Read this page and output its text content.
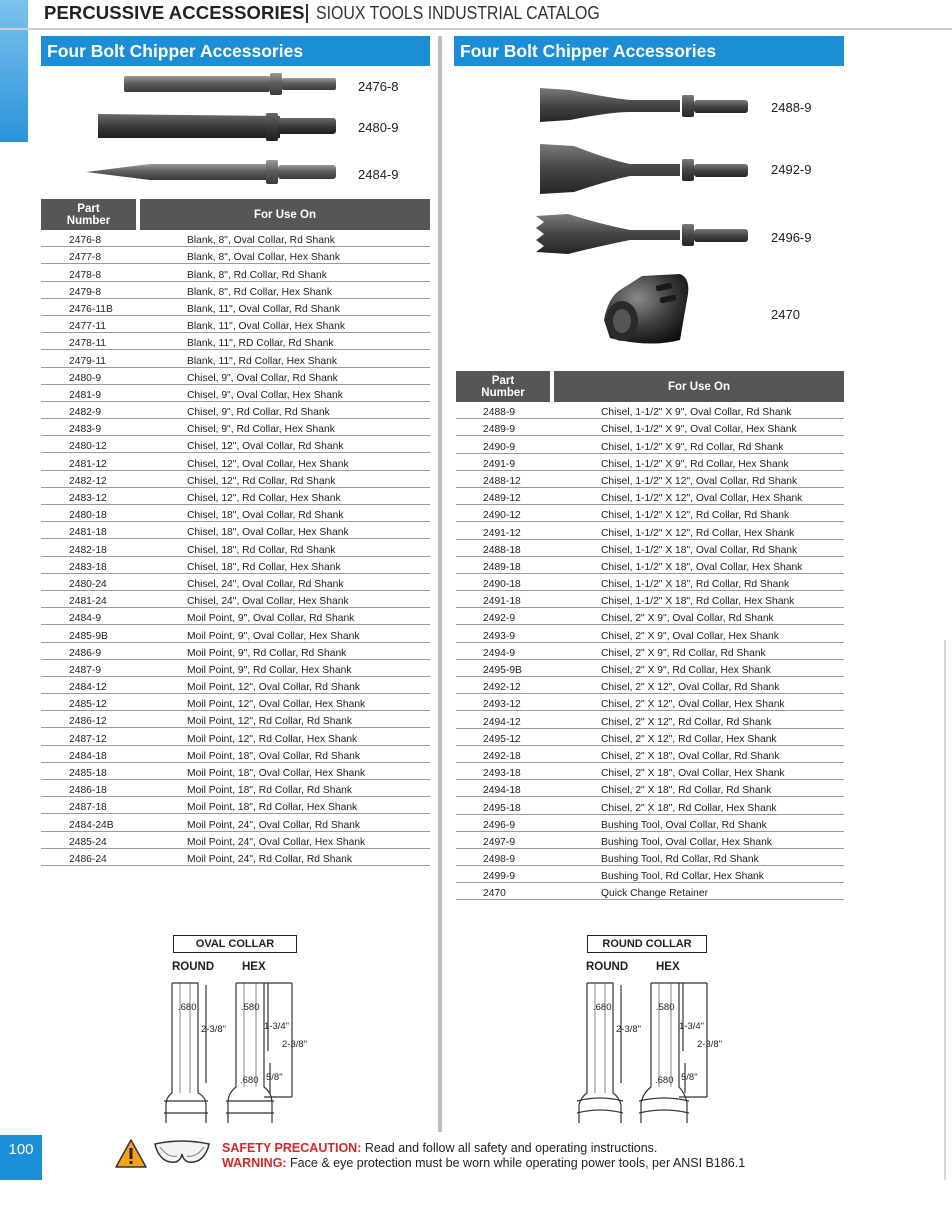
PERCUSSIVE ACCESSORIES SIOUX TOOLS INDUSTRIAL CATALOG
Four Bolt Chipper Accessories
2476-8
2480-9
2484-9
Part
Number	For Use On
2476-8	Blank, 8", Oval Collar, Rd Shank
2477-8	Blank, 8", Oval Collar, Hex Shank
2478-8	Blank, 8", Rd Collar, Rd Shank
2479-8	Blank, 8", Rd Collar, Hex Shank
2476-11B	Blank, 11", Oval Collar, Rd Shank
2477-11	Blank, 11", Oval Collar, Hex Shank
2478-11	Blank, 11", RD Collar, Rd Shank
2479-11	Blank, 11", Rd Collar, Hex Shank
2480-9	Chisel, 9", Oval Collar, Rd Shank
2481-9	Chisel, 9", Oval Collar, Hex Shank
2482-9	Chisel, 9", Rd Collar, Rd Shank
2483-9	Chisel, 9", Rd Collar, Hex Shank
2480-12	Chisel, 12", Oval Collar, Rd Shank
2481-12	Chisel, 12", Oval Collar, Hex Shank
2482-12	Chisel, 12", Rd Collar, Rd Shank
2483-12	Chisel, 12", Rd Collar, Hex Shank
2480-18	Chisel, 18", Oval Collar, Rd Shank
2481-18	Chisel, 18", Oval Collar, Hex Shank
2482-18	Chisel, 18", Rd Collar, Rd Shank
2483-18	Chisel, 18", Rd Collar, Hex Shank
2480-24	Chisel, 24", Oval Collar, Rd Shank
2481-24	Chisel, 24", Oval Collar, Hex Shank
2484-9	Moil Point, 9", Oval Collar, Rd Shank
2485-9B	Moil Point, 9", Oval Collar, Hex Shank
2486-9	Moil Point, 9", Rd Collar, Rd Shank
2487-9	Moil Point, 9", Rd Collar, Hex Shank
2484-12	Moil Point, 12", Oval Collar, Rd Shank
2485-12	Moil Point, 12", Oval Collar, Hex Shank
2486-12	Moil Point, 12", Rd Collar, Rd Shank
2487-12	Moil Point, 12", Rd Collar, Hex Shank
2484-18	Moil Point, 18", Oval Collar, Rd Shank
2485-18	Moil Point, 18", Oval Collar, Hex Shank
2486-18	Moil Point, 18", Rd Collar, Rd Shank
2487-18	Moil Point, 18", Rd Collar, Hex Shank
2484-24B	Moil Point, 24", Oval Collar, Rd Shank
2485-24	Moil Point, 24", Oval Collar, Hex Shank
2486-24	Moil Point, 24", Rd Collar, Rd Shank
Four Bolt Chipper Accessories
2488-9
2492-9
2496-9
2470
Part
Number	For Use On
2488-9	Chisel, 1-1/2" X 9", Oval Collar, Rd Shank
2489-9	Chisel, 1-1/2" X 9", Oval Collar, Hex Shank
2490-9	Chisel, 1-1/2" X 9", Rd Collar, Rd Shank
2491-9	Chisel, 1-1/2" X 9", Rd Collar, Hex Shank
2488-12	Chisel, 1-1/2" X 12", Oval Collar, Rd Shank
2489-12	Chisel, 1-1/2" X 12", Oval Collar, Hex Shank
2490-12	Chisel, 1-1/2" X 12", Rd Collar, Rd Shank
2491-12	Chisel, 1-1/2" X 12", Rd Collar, Hex Shank
2488-18	Chisel, 1-1/2" X 18", Oval Collar, Rd Shank
2489-18	Chisel, 1-1/2" X 18", Oval Collar, Hex Shank
2490-18	Chisel, 1-1/2" X 18", Rd Collar, Rd Shank
2491-18	Chisel, 1-1/2" X 18", Rd Collar, Hex Shank
2492-9	Chisel, 2" X 9", Oval Collar, Rd Shank
2493-9	Chisel, 2" X 9", Oval Collar, Hex Shank
2494-9	Chisel, 2" X 9", Rd Collar, Rd Shank
2495-9B	Chisel, 2" X 9", Rd Collar, Hex Shank
2492-12	Chisel, 2" X 12", Oval Collar, Rd Shank
2493-12	Chisel, 2" X 12", Oval Collar, Hex Shank
2494-12	Chisel, 2" X 12", Rd Collar, Rd Shank
2495-12	Chisel, 2" X 12", Rd Collar, Hex Shank
2492-18	Chisel, 2" X 18", Oval Collar, Rd Shank
2493-18	Chisel, 2" X 18", Oval Collar, Hex Shank
2494-18	Chisel, 2" X 18", Rd Collar, Rd Shank
2495-18	Chisel, 2" X 18", Rd Collar, Hex Shank
2496-9	Bushing Tool, Oval Collar, Rd Shank
2497-9	Bushing Tool, Oval Collar, Hex Shank
2498-9	Bushing Tool, Rd Collar, Rd Shank
2499-9	Bushing Tool, Rd Collar, Hex Shank
2470	Quick Change Retainer
OVAL COLLAR
ROUND HEX
.680
2-3/8"
.580
1-3/4"
2-3/8"
.680 5/8"
ROUND COLLAR
ROUND HEX
.680
2-3/8"
.580
1-3/4"
2-3/8"
.680 5/8"
100	SAFETY PRECAUTION: Read and follow all safety and operating instructions.
WARNING: Face & eye protection must be worn while operating power tools, per ANSI B186.1
